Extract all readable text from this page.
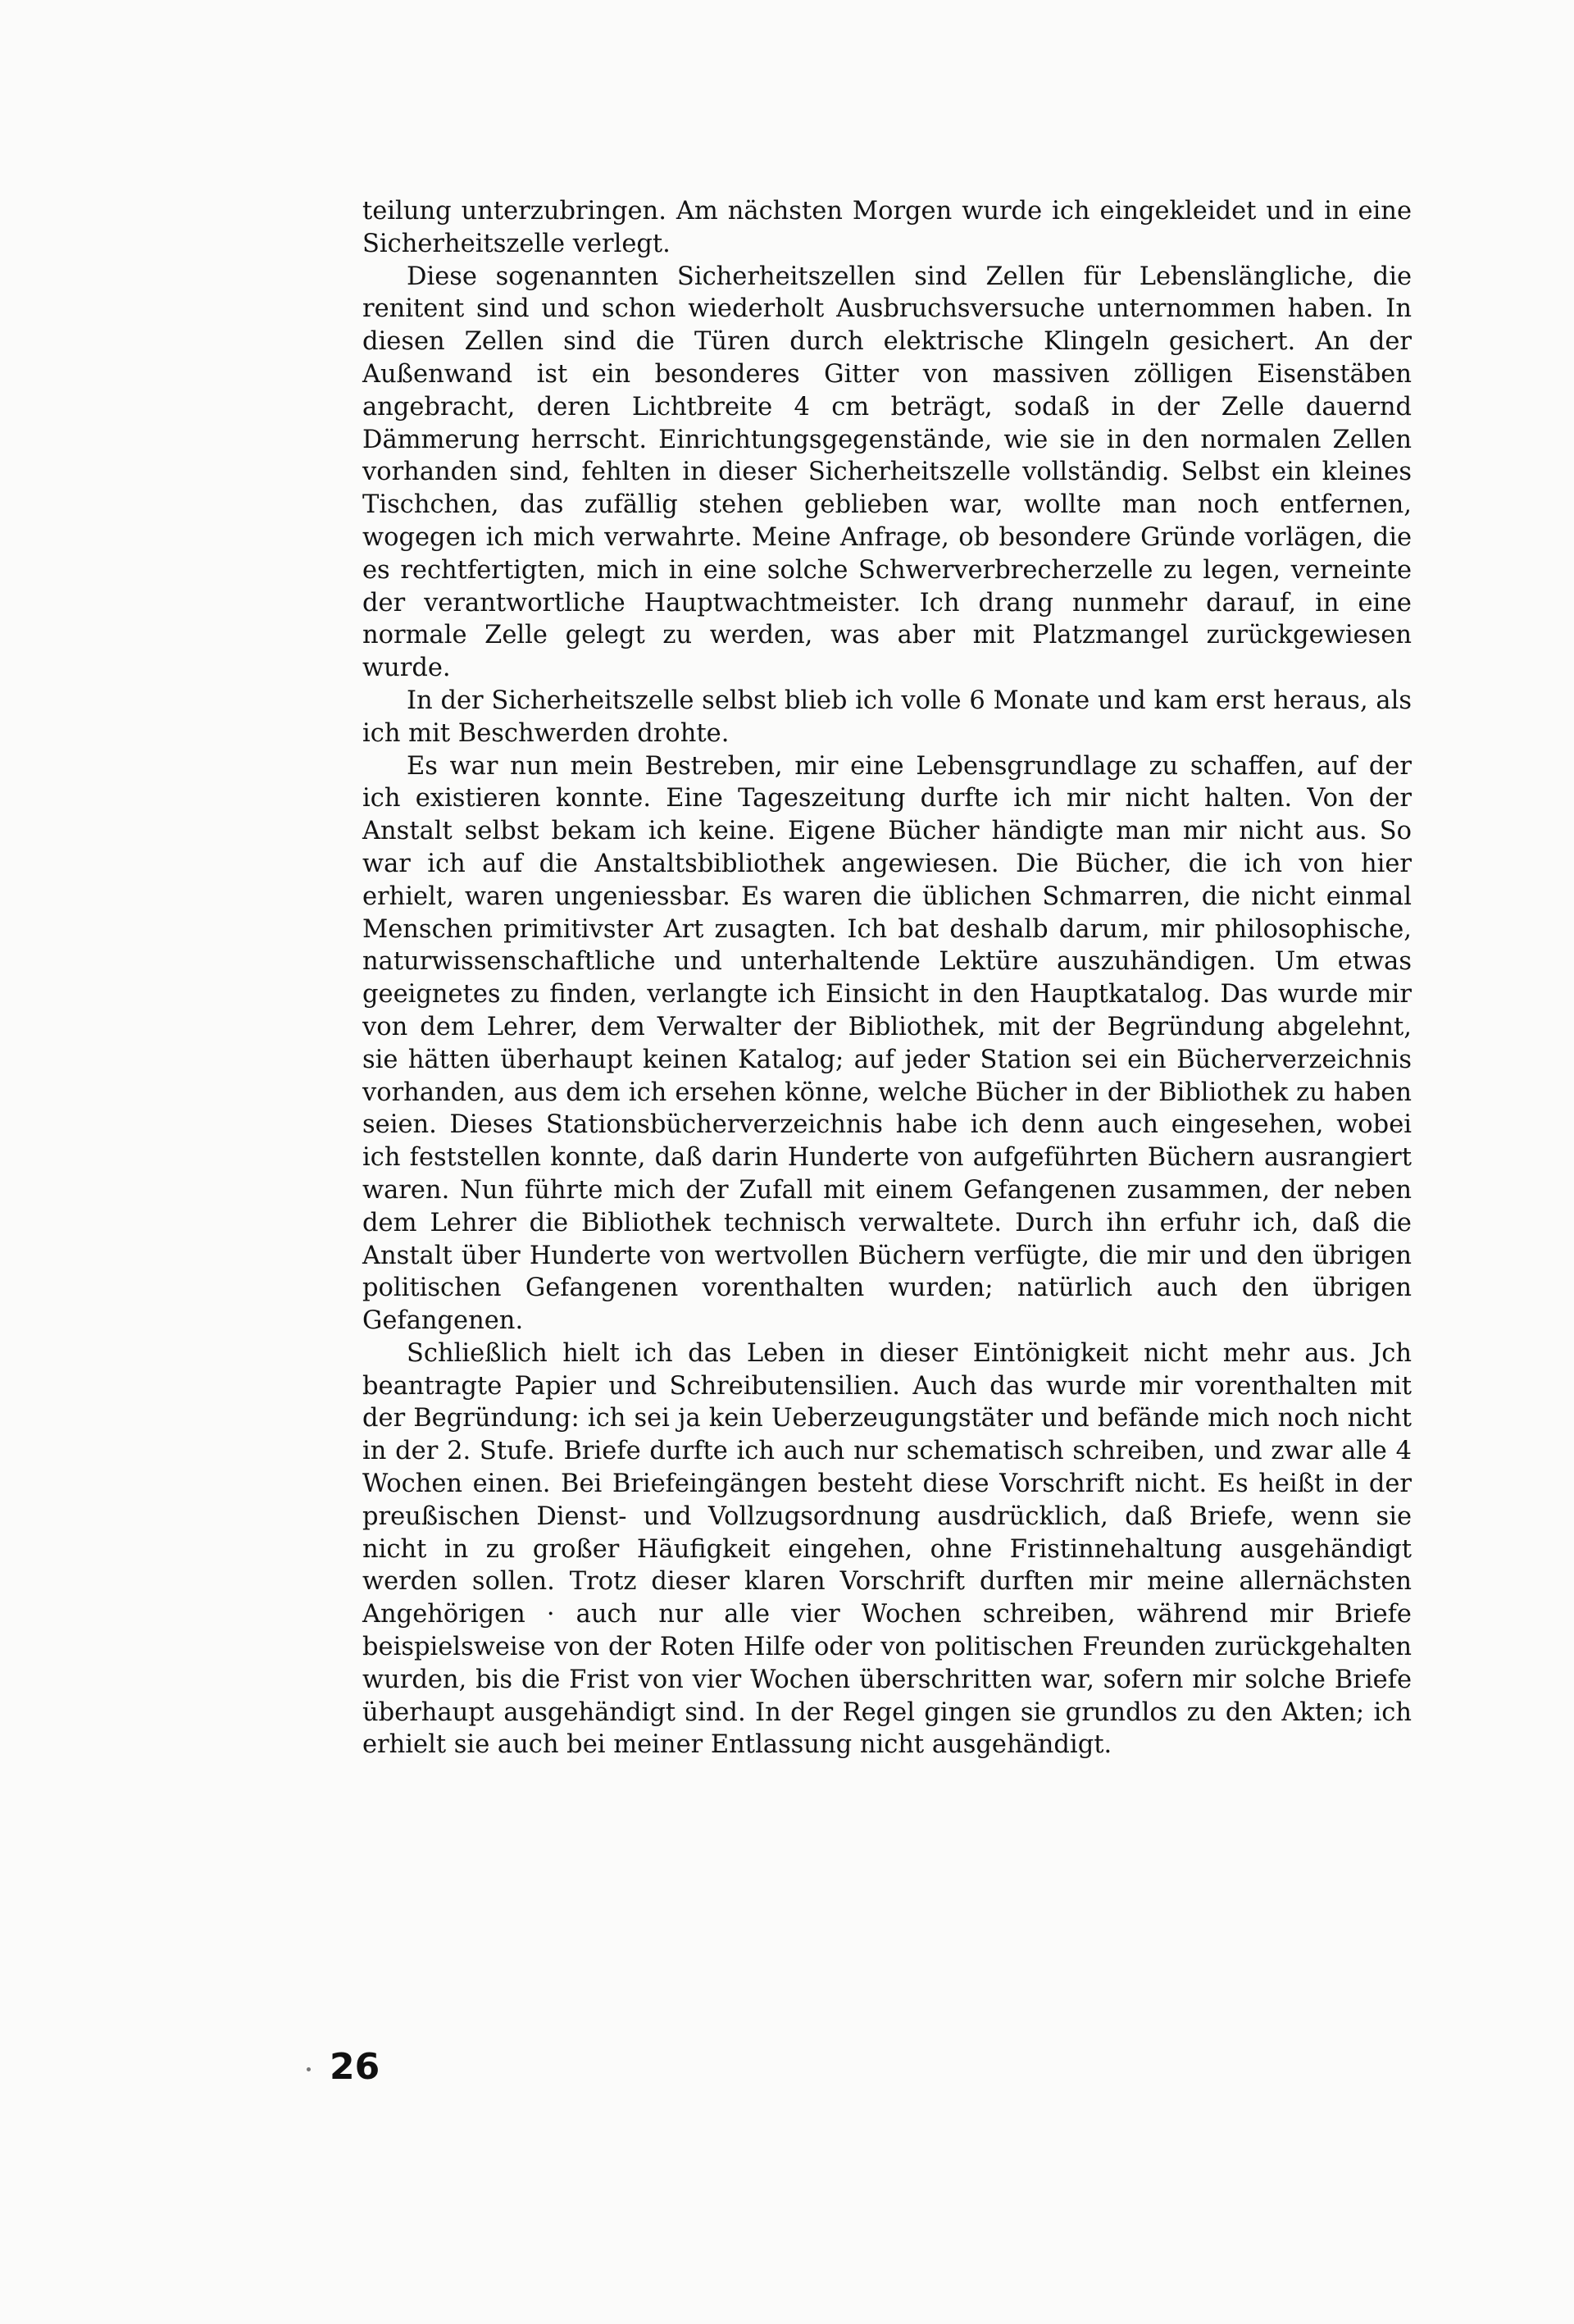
teilung unterzubringen. Am nächsten Morgen wurde ich eingekleidet und in eine Sicherheitszelle verlegt.

Diese sogenannten Sicherheitszellen sind Zellen für Lebenslängliche, die renitent sind und schon wiederholt Ausbruchsversuche unternommen haben. In diesen Zellen sind die Türen durch elektrische Klingeln gesichert. An der Außenwand ist ein besonderes Gitter von massiven zölligen Eisenstäben angebracht, deren Lichtbreite 4 cm beträgt, sodaß in der Zelle dauernd Dämmerung herrscht. Einrichtungsgegenstände, wie sie in den normalen Zellen vorhanden sind, fehlten in dieser Sicherheitszelle vollständig. Selbst ein kleines Tischchen, das zufällig stehen geblieben war, wollte man noch entfernen, wogegen ich mich verwahrte. Meine Anfrage, ob besondere Gründe vorlägen, die es rechtfertigten, mich in eine solche Schwerverbrecherzelle zu legen, verneinte der verantwortliche Hauptwachtmeister. Ich drang nunmehr darauf, in eine normale Zelle gelegt zu werden, was aber mit Platzmangel zurückgewiesen wurde.

In der Sicherheitszelle selbst blieb ich volle 6 Monate und kam erst heraus, als ich mit Beschwerden drohte.

Es war nun mein Bestreben, mir eine Lebensgrundlage zu schaffen, auf der ich existieren konnte. Eine Tageszeitung durfte ich mir nicht halten. Von der Anstalt selbst bekam ich keine. Eigene Bücher händigte man mir nicht aus. So war ich auf die Anstaltsbibliothek angewiesen. Die Bücher, die ich von hier erhielt, waren ungeniessbar. Es waren die üblichen Schmarren, die nicht einmal Menschen primitivster Art zusagten. Ich bat deshalb darum, mir philosophische, naturwissenschaftliche und unterhaltende Lektüre auszuhändigen. Um etwas geeignetes zu finden, verlangte ich Einsicht in den Hauptkatalog. Das wurde mir von dem Lehrer, dem Verwalter der Bibliothek, mit der Begründung abgelehnt, sie hätten überhaupt keinen Katalog; auf jeder Station sei ein Bücherverzeichnis vorhanden, aus dem ich ersehen könne, welche Bücher in der Bibliothek zu haben seien. Dieses Stationsbücherverzeichnis habe ich denn auch eingesehen, wobei ich feststellen konnte, daß darin Hunderte von aufgeführten Büchern ausrangiert waren. Nun führte mich der Zufall mit einem Gefangenen zusammen, der neben dem Lehrer die Bibliothek technisch verwaltete. Durch ihn erfuhr ich, daß die Anstalt über Hunderte von wertvollen Büchern verfügte, die mir und den übrigen politischen Gefangenen vorenthalten wurden; natürlich auch den übrigen Gefangenen.

Schließlich hielt ich das Leben in dieser Eintönigkeit nicht mehr aus. Jch beantragte Papier und Schreibutensilien. Auch das wurde mir vorenthalten mit der Begründung: ich sei ja kein Ueberzeugungstäter und befände mich noch nicht in der 2. Stufe. Briefe durfte ich auch nur schematisch schreiben, und zwar alle 4 Wochen einen. Bei Briefeingängen besteht diese Vorschrift nicht. Es heißt in der preußischen Dienst- und Vollzugsordnung ausdrücklich, daß Briefe, wenn sie nicht in zu großer Häufigkeit eingehen, ohne Fristinnehaltung ausgehändigt werden sollen. Trotz dieser klaren Vorschrift durften mir meine allernächsten Angehörigen · auch nur alle vier Wochen schreiben, während mir Briefe beispielsweise von der Roten Hilfe oder von politischen Freunden zurückgehalten wurden, bis die Frist von vier Wochen überschritten war, sofern mir solche Briefe überhaupt ausgehändigt sind. In der Regel gingen sie grundlos zu den Akten; ich erhielt sie auch bei meiner Entlassung nicht ausgehändigt.

26
